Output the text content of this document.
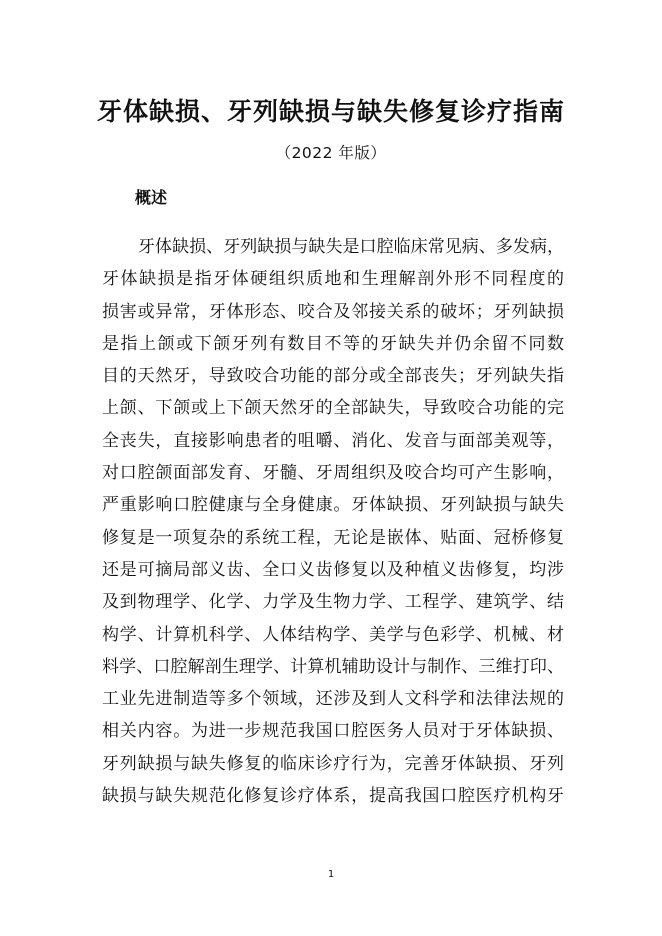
牙体缺损、牙列缺损与缺失修复诊疗指南
（2022 年版）
概述
牙体缺损、牙列缺损与缺失是口腔临床常见病、多发病，
牙体缺损是指牙体硬组织质地和生理解剖外形不同程度的
损害或异常，牙体形态、咬合及邻接关系的破坏；牙列缺损
是指上颌或下颌牙列有数目不等的牙缺失并仍余留不同数
目的天然牙，导致咬合功能的部分或全部丧失；牙列缺失指
上颌、下颌或上下颌天然牙的全部缺失，导致咬合功能的完
全丧失，直接影响患者的咀嚼、消化、发音与面部美观等，
对口腔颌面部发育、牙髓、牙周组织及咬合均可产生影响，
严重影响口腔健康与全身健康。牙体缺损、牙列缺损与缺失
修复是一项复杂的系统工程，无论是嵌体、贴面、冠桥修复
还是可摘局部义齿、全口义齿修复以及种植义齿修复，均涉
及到物理学、化学、力学及生物力学、工程学、建筑学、结
构学、计算机科学、人体结构学、美学与色彩学、机械、材
料学、口腔解剖生理学、计算机辅助设计与制作、三维打印、
工业先进制造等多个领域，还涉及到人文科学和法律法规的
相关内容。为进一步规范我国口腔医务人员对于牙体缺损、
牙列缺损与缺失修复的临床诊疗行为，完善牙体缺损、牙列
缺损与缺失规范化修复诊疗体系，提高我国口腔医疗机构牙
1
